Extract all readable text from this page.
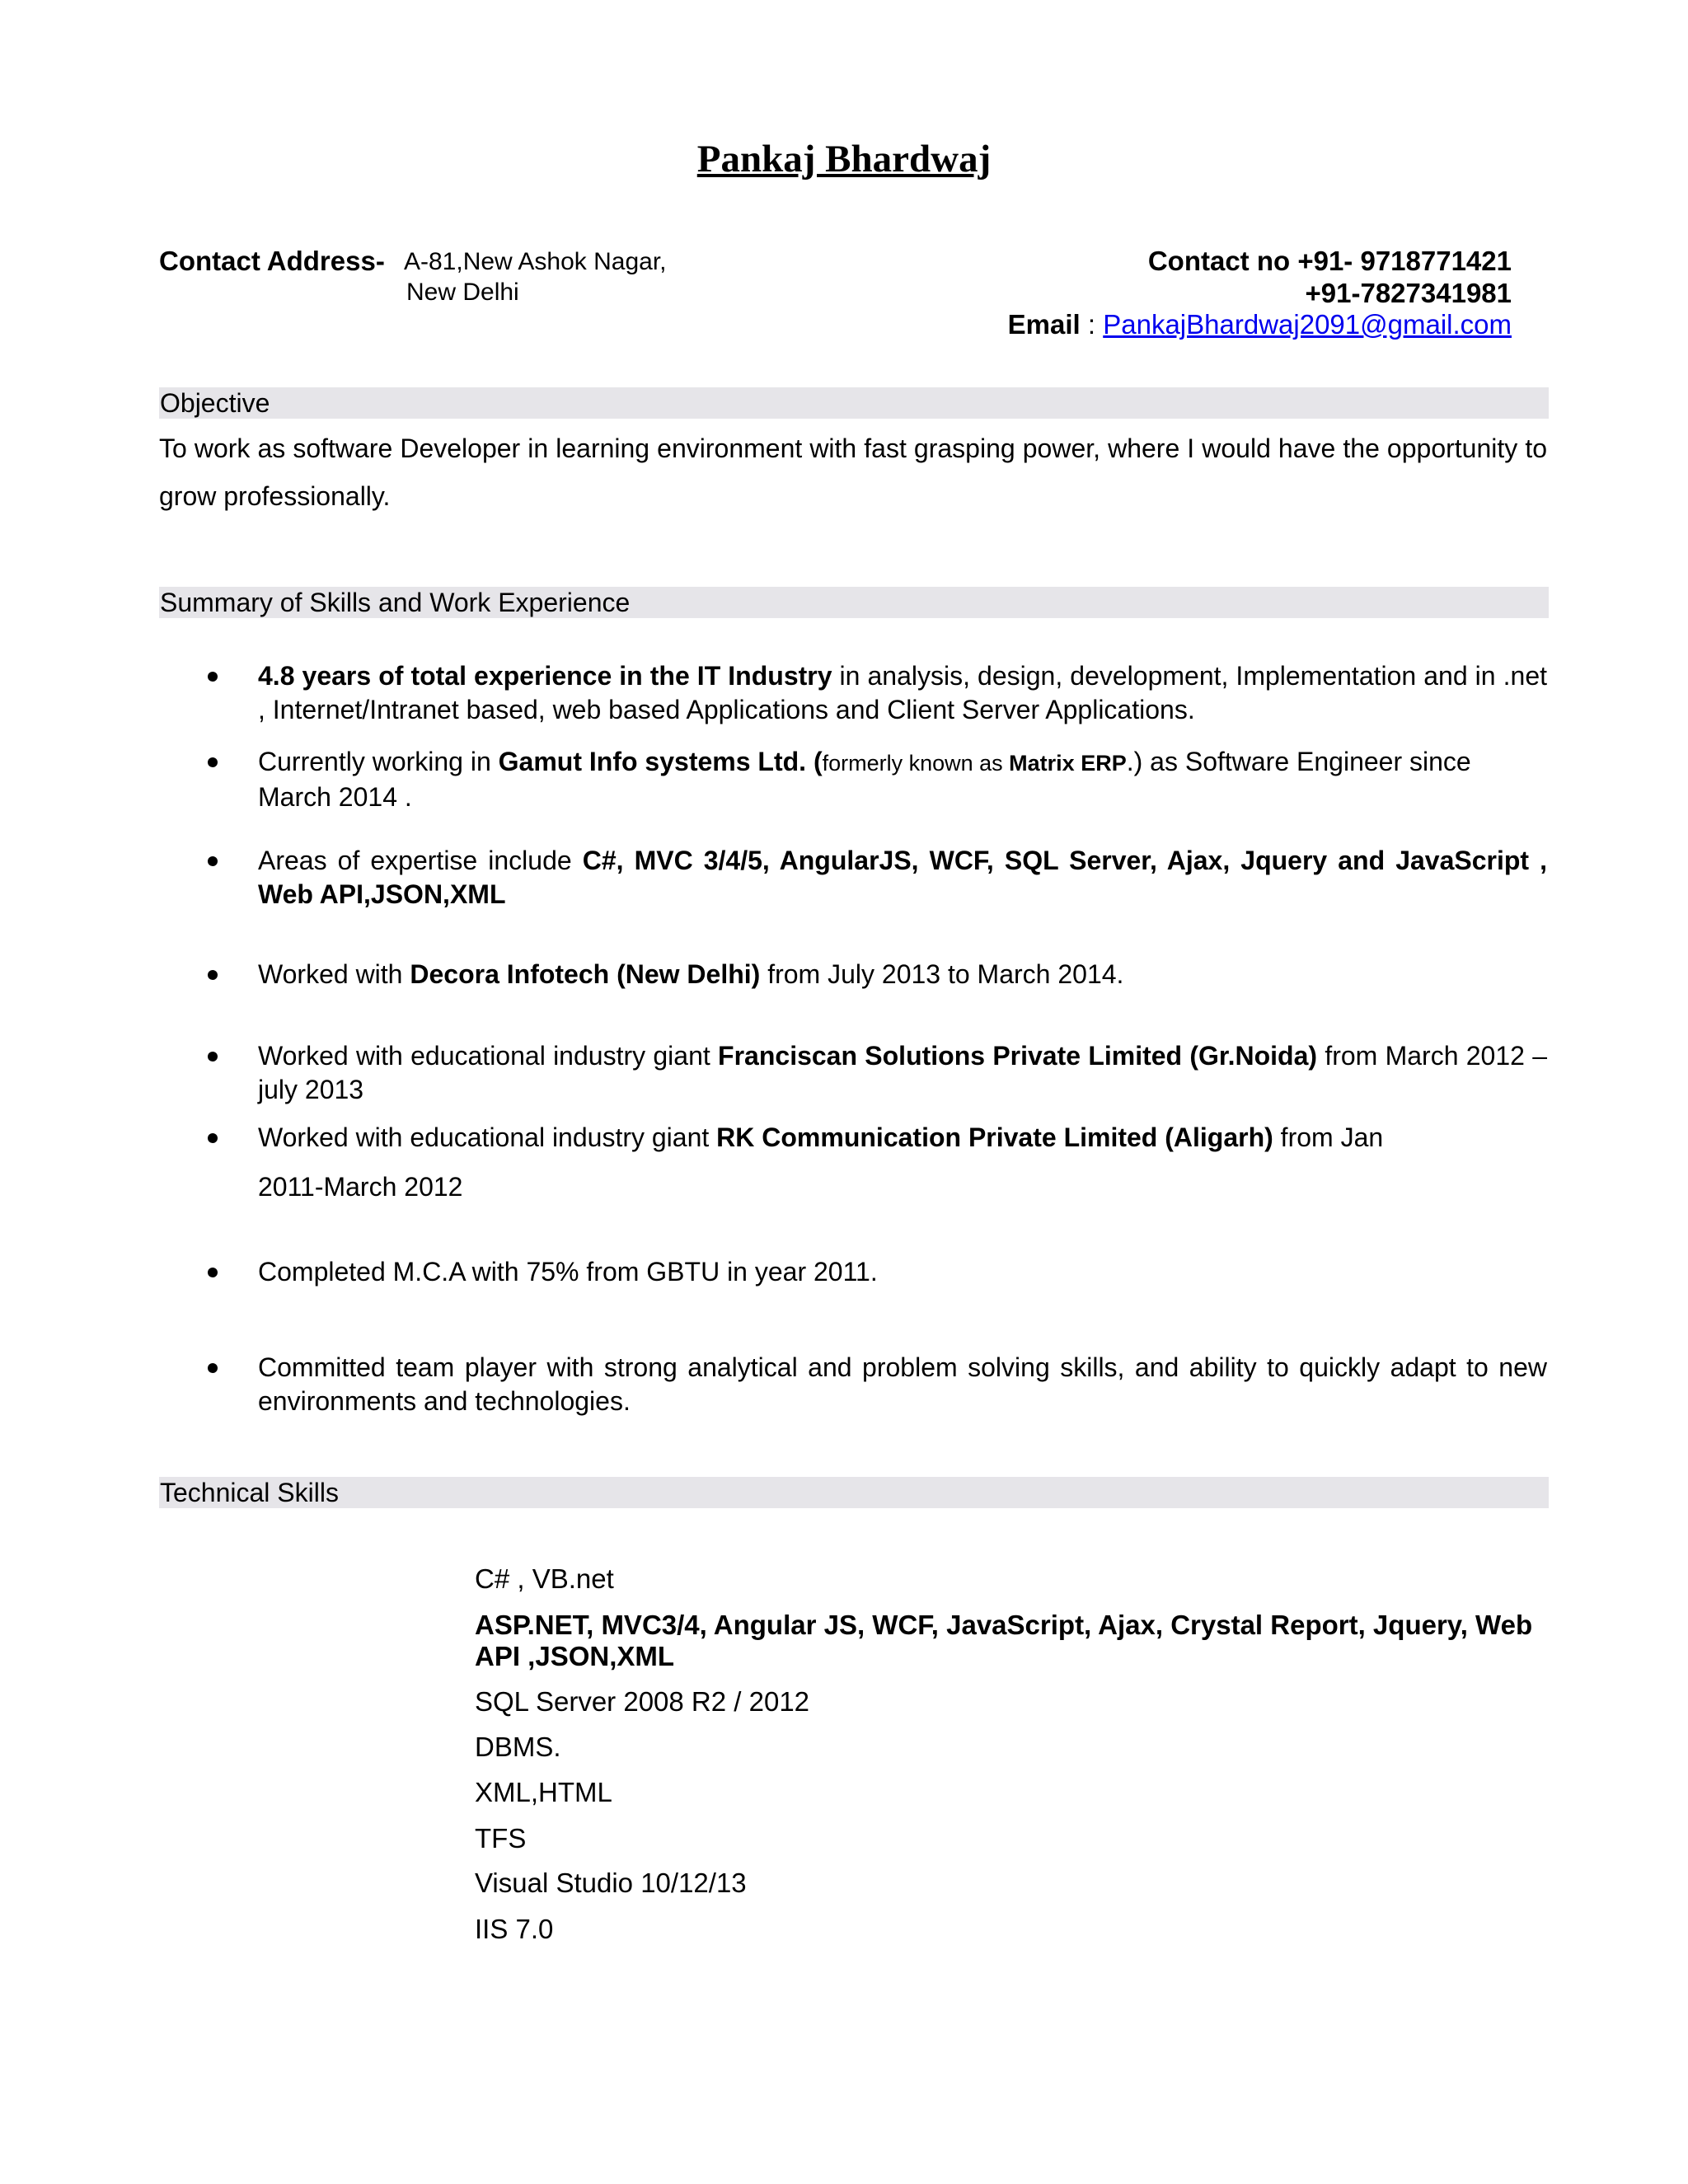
Pankaj Bhardwaj
Contact Address- A-81,New Ashok Nagar,
New Delhi
Contact no +91- 9718771421
+91-7827341981
Email : PankajBhardwaj2091@gmail.com
Objective
To work as software Developer in learning environment with fast grasping power, where I would have the opportunity to grow professionally.
Summary of Skills and Work Experience
4.8 years of total experience in the IT Industry in analysis, design, development, Implementation and in .net , Internet/Intranet based, web based Applications and Client Server Applications.
Currently working in Gamut Info systems Ltd. (formerly known as Matrix ERP.) as Software Engineer since March 2014 .
Areas of expertise include C#, MVC 3/4/5, AngularJS, WCF, SQL Server, Ajax, Jquery and JavaScript , Web API,JSON,XML
Worked with Decora Infotech (New Delhi) from July 2013 to March 2014.
Worked with educational industry giant Franciscan Solutions Private Limited (Gr.Noida) from March 2012 – july 2013
Worked with educational industry giant RK Communication Private Limited (Aligarh) from Jan
2011-March 2012
Completed M.C.A with 75% from GBTU in year 2011.
Committed team player with strong analytical and problem solving skills, and ability to quickly adapt to new environments and technologies.
Technical Skills
C# , VB.net
ASP.NET, MVC3/4, Angular JS, WCF, JavaScript, Ajax, Crystal Report, Jquery, Web API ,JSON,XML
SQL Server 2008 R2 / 2012
DBMS.
XML,HTML
TFS
Visual Studio 10/12/13
IIS 7.0
